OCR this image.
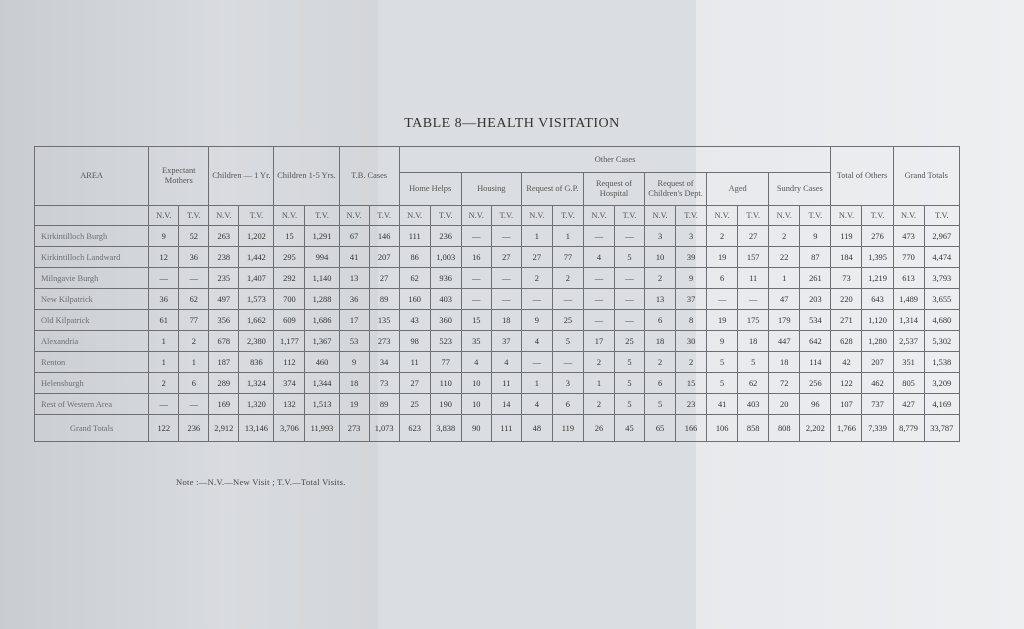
TABLE 8—HEALTH VISITATION
AREA	Expectant Mothers		Children — 1 Yr.		Children 1-5 Yrs.		T.B. Cases		Other Cases														Total of Others		Grand Totals	
									Home Helps		Housing		Request of G.P.		Request of Hospital		Request of Children's Dept.		Aged		Sundry Cases					

	N.V.	T.V.	N.V.	T.V.	N.V.	T.V.	N.V.	T.V.	N.V.	T.V.	N.V.	T.V.	N.V.	T.V.	N.V.	T.V.	N.V.	T.V.	N.V.	T.V.	N.V.	T.V.	N.V.	T.V.	N.V.	T.V.
Kirkintilloch Burgh	9	52	263	1,202	15	1,291	67	146	111	236	—	—	1	1	—	—	3	3	2	27	2	9	119	276	473	2,967
Kirkintilloch Landward	12	36	238	1,442	295	994	41	207	86	1,003	16	27	27	77	4	5	10	39	19	157	22	87	184	1,395	770	4,474
Milngavie Burgh	—	—	235	1,407	292	1,140	13	27	62	936	—	—	2	2	—	—	2	9	6	11	1	261	73	1,219	613	3,793
New Kilpatrick	36	62	497	1,573	700	1,288	36	89	160	403	—	—	—	—	—	—	13	37	—	—	47	203	220	643	1,489	3,655
Old Kilpatrick	61	77	356	1,662	609	1,686	17	135	43	360	15	18	9	25	—	—	6	8	19	175	179	534	271	1,120	1,314	4,680
Alexandria	1	2	678	2,380	1,177	1,367	53	273	98	523	35	37	4	5	17	25	18	30	9	18	447	642	628	1,280	2,537	5,302
Renton	1	1	187	836	112	460	9	34	11	77	4	4	—	—	2	5	2	2	5	5	18	114	42	207	351	1,538
Helensburgh	2	6	289	1,324	374	1,344	18	73	27	110	10	11	1	3	1	5	6	15	5	62	72	256	122	462	805	3,209
Rest of Western Area	—	—	169	1,320	132	1,513	19	89	25	190	10	14	4	6	2	5	5	23	41	403	20	96	107	737	427	4,169
Grand Totals	122	236	2,912	13,146	3,706	11,993	273	1,073	623	3,838	90	111	48	119	26	45	65	166	106	858	808	2,202	1,766	7,339	8,779	33,787
Note :—N.V.—New Visit ; T.V.—Total Visits.
